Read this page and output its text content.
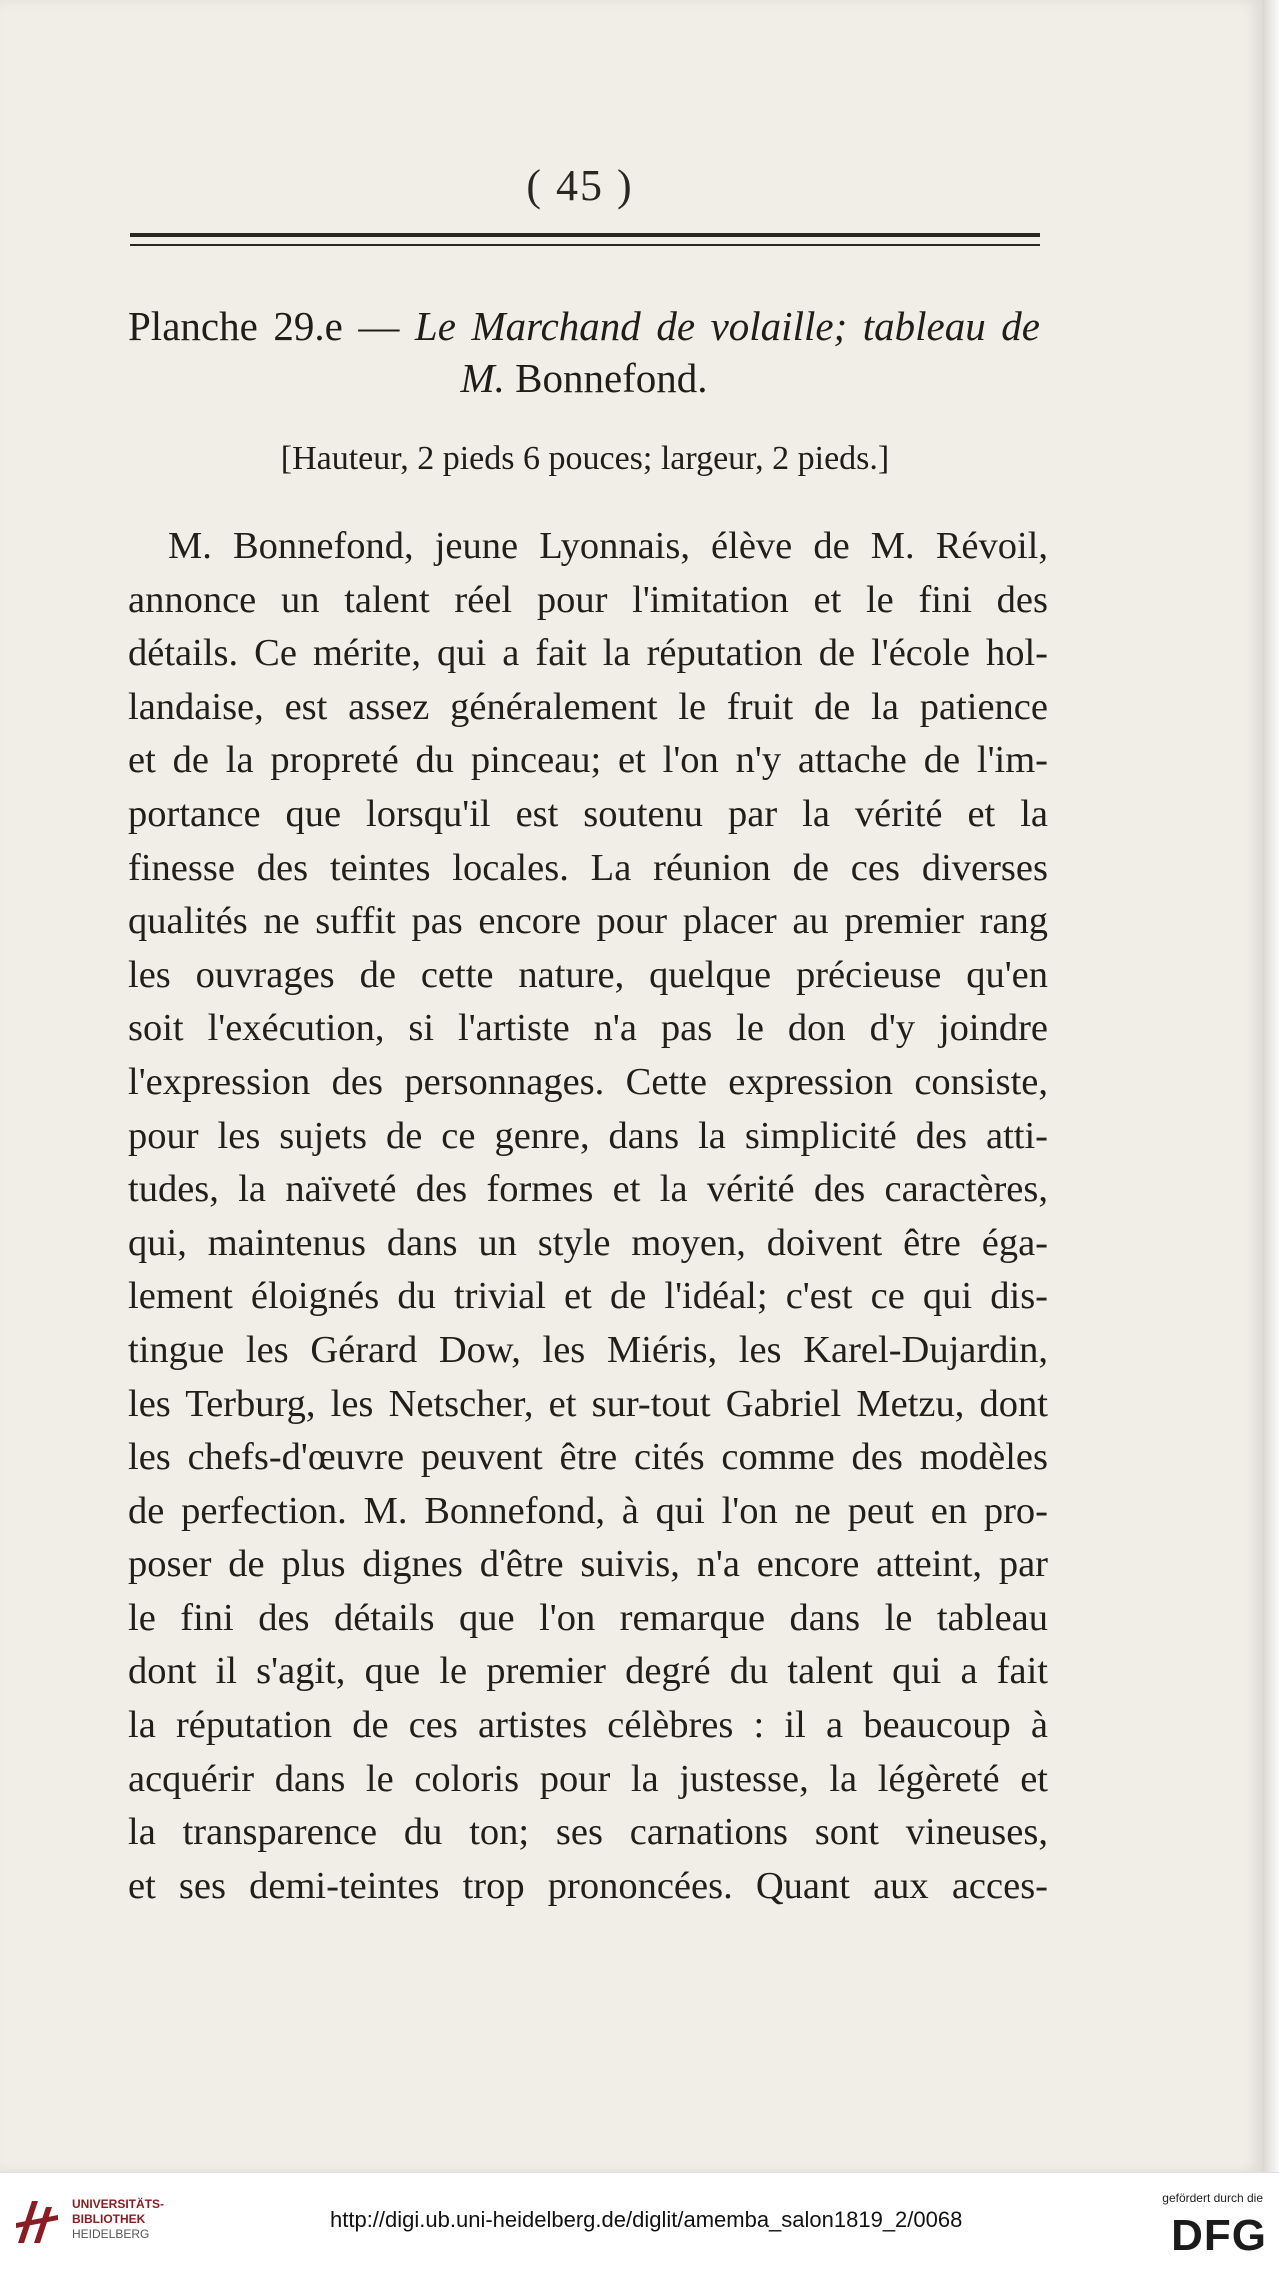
( 45 )
Planche 29.e — Le Marchand de volaille; tableau de
M. Bonnefond.
[Hauteur, 2 pieds 6 pouces; largeur, 2 pieds.]
M. Bonnefond, jeune Lyonnais, élève de M. Révoil,
annonce un talent réel pour l'imitation et le fini des
détails. Ce mérite, qui a fait la réputation de l'école hol-
landaise, est assez généralement le fruit de la patience
et de la propreté du pinceau; et l'on n'y attache de l'im-
portance que lorsqu'il est soutenu par la vérité et la
finesse des teintes locales. La réunion de ces diverses
qualités ne suffit pas encore pour placer au premier rang
les ouvrages de cette nature, quelque précieuse qu'en
soit l'exécution, si l'artiste n'a pas le don d'y joindre
l'expression des personnages. Cette expression consiste,
pour les sujets de ce genre, dans la simplicité des atti-
tudes, la naïveté des formes et la vérité des caractères,
qui, maintenus dans un style moyen, doivent être éga-
lement éloignés du trivial et de l'idéal; c'est ce qui dis-
tingue les Gérard Dow, les Miéris, les Karel-Dujardin,
les Terburg, les Netscher, et sur-tout Gabriel Metzu, dont
les chefs-d'œuvre peuvent être cités comme des modèles
de perfection. M. Bonnefond, à qui l'on ne peut en pro-
poser de plus dignes d'être suivis, n'a encore atteint, par
le fini des détails que l'on remarque dans le tableau
dont il s'agit, que le premier degré du talent qui a fait
la réputation de ces artistes célèbres : il a beaucoup à
acquérir dans le coloris pour la justesse, la légèreté et
la transparence du ton; ses carnations sont vineuses,
et ses demi-teintes trop prononcées. Quant aux acces-
UNIVERSITÄTS-
BIBLIOTHEK
HEIDELBERG
http://digi.ub.uni-heidelberg.de/diglit/amemba_salon1819_2/0068
gefördert durch die
DFG
